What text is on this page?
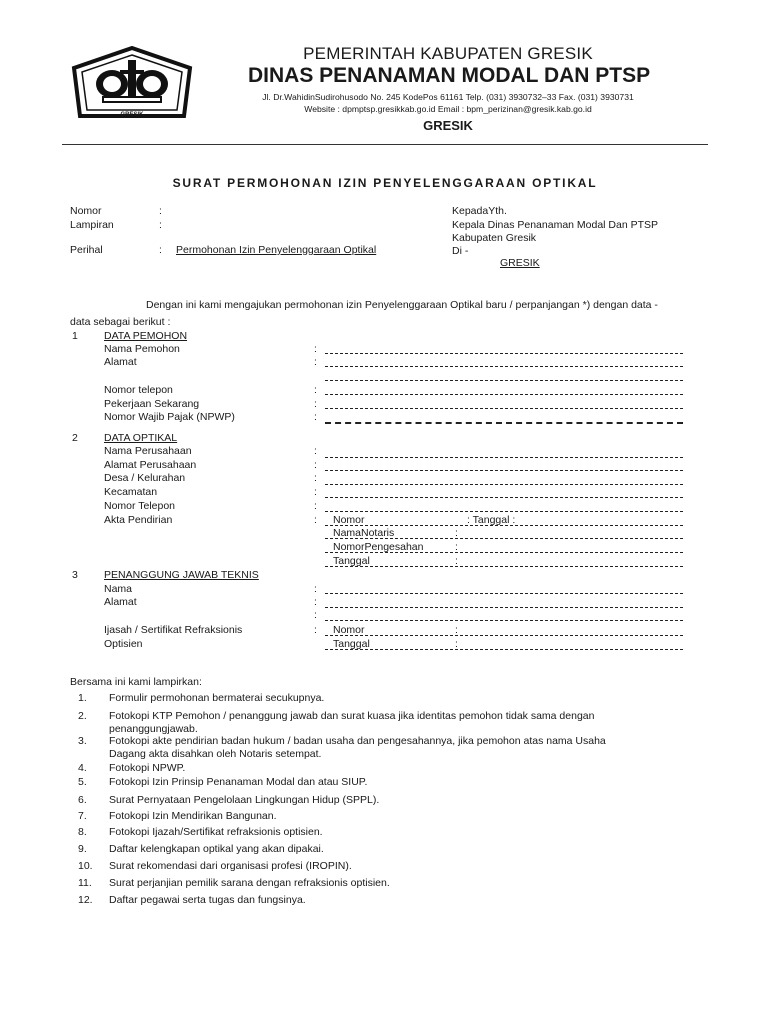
GRESIK
PEMERINTAH KABUPATEN GRESIK
DINAS PENANAMAN MODAL DAN PTSP
Jl. Dr.WahidinSudirohusodo No. 245 KodePos 61161 Telp. (031) 3930732–33 Fax. (031) 3930731
Website : dpmptsp.gresikkab.go.id Email : bpm_perizinan@gresik.kab.go.id
GRESIK
SURAT PERMOHONAN IZIN PENYELENGGARAAN OPTIKAL
Nomor	:
Lampiran	:
Perihal	: Permohonan Izin Penyelenggaraan Optikal
KepadaYth.
Kepala Dinas Penanaman Modal Dan PTSP
Kabupaten Gresik
Di -
GRESIK
Dengan ini kami mengajukan permohonan izin Penyelenggaraan Optikal baru / perpanjangan *) dengan data -
data sebagai berikut :
1 DATA PEMOHON
Nama Pemohon	:
Alamat	:
Nomor telepon	:
Pekerjaan Sekarang	:
Nomor Wajib Pajak (NPWP)	:
2 DATA OPTIKAL
Nama Perusahaan	:
Alamat Perusahaan	:
Desa / Kelurahan	:
Kecamatan	:
Nomor Telepon	:
Akta Pendirian	: Nomor	: Tanggal :
NamaNotaris	:
NomorPengesahan	:
Tanggal	:
3 PENANGGUNG JAWAB TEKNIS
Nama	:
Alamat	:
:
Ijasah / Sertifikat Refraksionis	: Nomor	:
Optisien	Tanggal	:
Bersama ini kami lampirkan:
1. Formulir permohonan bermaterai secukupnya.
2. Fotokopi KTP Pemohon / penanggung jawab dan surat kuasa jika identitas pemohon tidak sama dengan
penanggungjawab.
3. Fotokopi akte pendirian badan hukum / badan usaha dan pengesahannya, jika pemohon atas nama Usaha
Dagang akta disahkan oleh Notaris setempat.
4. Fotokopi NPWP.
5. Fotokopi Izin Prinsip Penanaman Modal dan atau SIUP.
6. Surat Pernyataan Pengelolaan Lingkungan Hidup (SPPL).
7. Fotokopi Izin Mendirikan Bangunan.
8. Fotokopi Ijazah/Sertifikat refraksionis optisien.
9. Daftar kelengkapan optikal yang akan dipakai.
10. Surat rekomendasi dari organisasi profesi (IROPIN).
11. Surat perjanjian pemilik sarana dengan refraksionis optisien.
12. Daftar pegawai serta tugas dan fungsinya.
